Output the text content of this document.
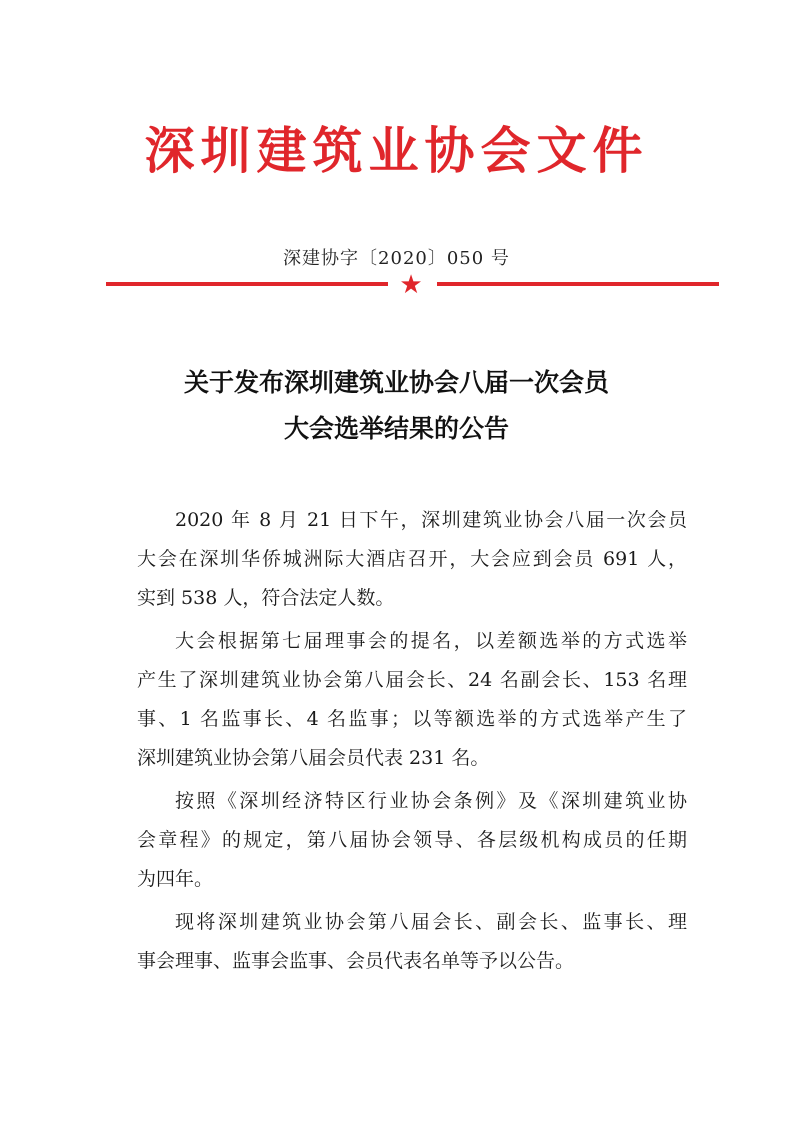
深圳建筑业协会文件
深建协字〔2020〕050 号
★
关于发布深圳建筑业协会八届一次会员
大会选举结果的公告
2020 年 8 月 21 日下午，深圳建筑业协会八届一次会员
大会在深圳华侨城洲际大酒店召开，大会应到会员 691 人，
实到 538 人，符合法定人数。
大会根据第七届理事会的提名，以差额选举的方式选举
产生了深圳建筑业协会第八届会长、24 名副会长、153 名理
事、1 名监事长、4 名监事；以等额选举的方式选举产生了
深圳建筑业协会第八届会员代表 231 名。
按照《深圳经济特区行业协会条例》及《深圳建筑业协
会章程》的规定，第八届协会领导、各层级机构成员的任期
为四年。
现将深圳建筑业协会第八届会长、副会长、监事长、理
事会理事、监事会监事、会员代表名单等予以公告。
